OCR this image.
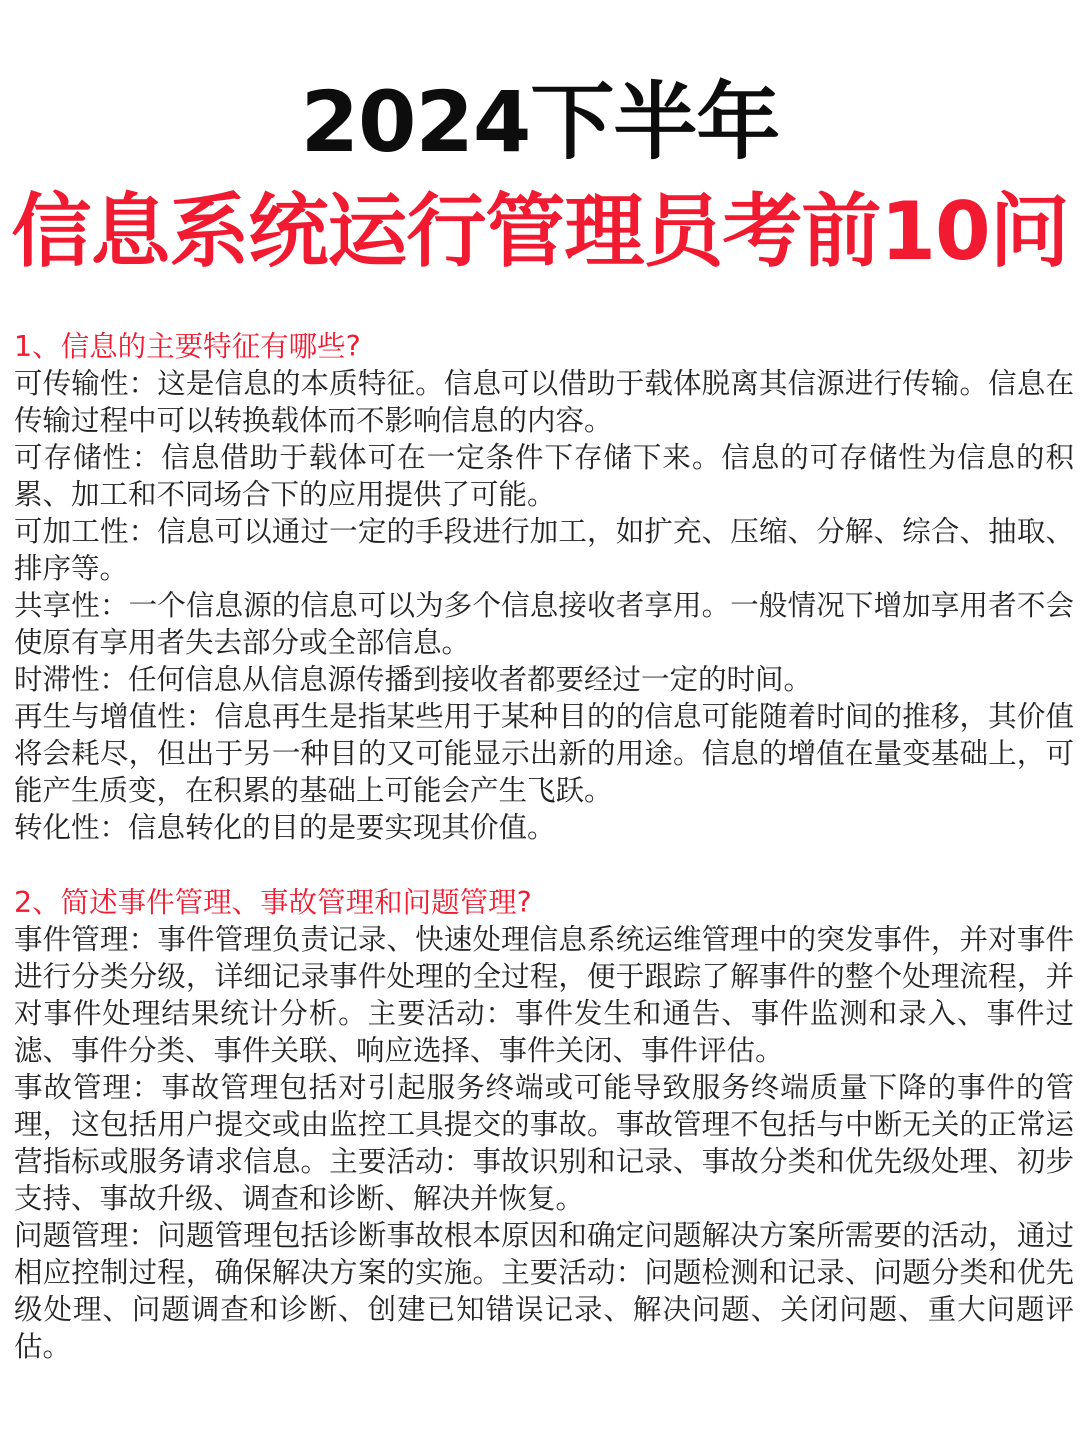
2024下半年
信息系统运行管理员考前10问

1、信息的主要特征有哪些?

可传输性：这是信息的本质特征。信息可以借助于载体脱离其信源进行传输。信息在传输过程中可以转换载体而不影响信息的内容。

可存储性：信息借助于载体可在一定条件下存储下来。信息的可存储性为信息的积累、加工和不同场合下的应用提供了可能。

可加工性：信息可以通过一定的手段进行加工，如扩充、压缩、分解、综合、抽取、排序等。

共享性：一个信息源的信息可以为多个信息接收者享用。一般情况下增加享用者不会使原有享用者失去部分或全部信息。

时滞性：任何信息从信息源传播到接收者都要经过一定的时间。

再生与增值性：信息再生是指某些用于某种目的的信息可能随着时间的推移，其价值将会耗尽，但出于另一种目的又可能显示出新的用途。信息的增值在量变基础上，可能产生质变，在积累的基础上可能会产生飞跃。

转化性：信息转化的目的是要实现其价值。

2、简述事件管理、事故管理和问题管理?

事件管理：事件管理负责记录、快速处理信息系统运维管理中的突发事件，并对事件进行分类分级，详细记录事件处理的全过程，便于跟踪了解事件的整个处理流程，并对事件处理结果统计分析。主要活动：事件发生和通告、事件监测和录入、事件过滤、事件分类、事件关联、响应选择、事件关闭、事件评估。

事故管理：事故管理包括对引起服务终端或可能导致服务终端质量下降的事件的管理，这包括用户提交或由监控工具提交的事故。事故管理不包括与中断无关的正常运营指标或服务请求信息。主要活动：事故识别和记录、事故分类和优先级处理、初步支持、事故升级、调查和诊断、解决并恢复。

问题管理：问题管理包括诊断事故根本原因和确定问题解决方案所需要的活动，通过相应控制过程，确保解决方案的实施。主要活动：问题检测和记录、问题分类和优先级处理、问题调查和诊断、创建已知错误记录、解决问题、关闭问题、重大问题评估。
